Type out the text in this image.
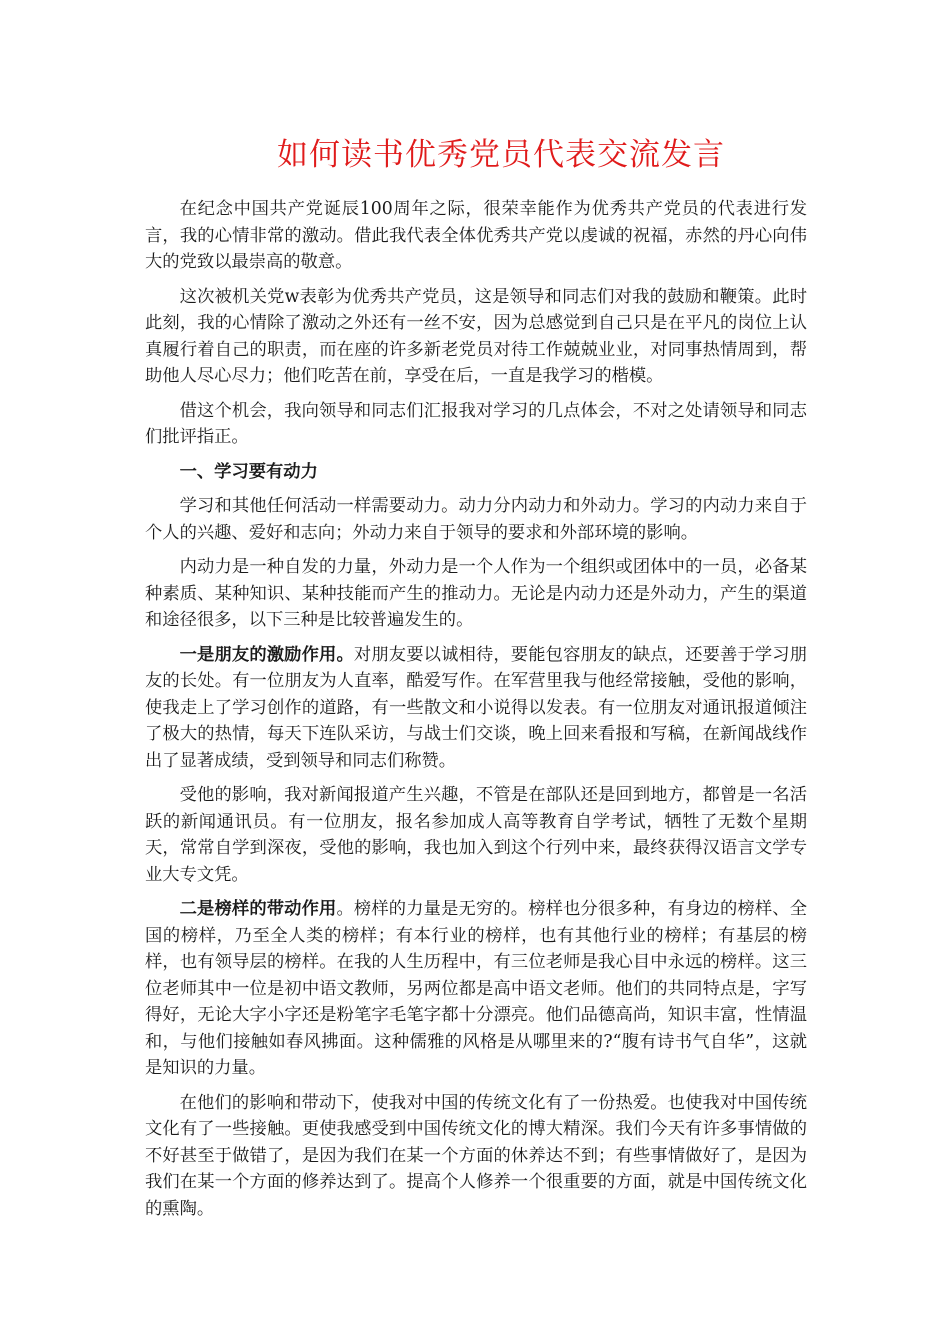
如何读书优秀党员代表交流发言

在纪念中国共产党诞辰100周年之际，很荣幸能作为优秀共产党员的代表进行发言，我的心情非常的激动。借此我代表全体优秀共产党以虔诚的祝福，赤然的丹心向伟大的党致以最崇高的敬意。

这次被机关党w表彰为优秀共产党员，这是领导和同志们对我的鼓励和鞭策。此时此刻，我的心情除了激动之外还有一丝不安，因为总感觉到自己只是在平凡的岗位上认真履行着自己的职责，而在座的许多新老党员对待工作兢兢业业，对同事热情周到，帮助他人尽心尽力；他们吃苦在前，享受在后，一直是我学习的楷模。

借这个机会，我向领导和同志们汇报我对学习的几点体会，不对之处请领导和同志们批评指正。

一、学习要有动力

学习和其他任何活动一样需要动力。动力分内动力和外动力。学习的内动力来自于个人的兴趣、爱好和志向；外动力来自于领导的要求和外部环境的影响。

内动力是一种自发的力量，外动力是一个人作为一个组织或团体中的一员，必备某种素质、某种知识、某种技能而产生的推动力。无论是内动力还是外动力，产生的渠道和途径很多，以下三种是比较普遍发生的。

一是朋友的激励作用。对朋友要以诚相待，要能包容朋友的缺点，还要善于学习朋友的长处。有一位朋友为人直率，酷爱写作。在军营里我与他经常接触，受他的影响，使我走上了学习创作的道路，有一些散文和小说得以发表。有一位朋友对通讯报道倾注了极大的热情，每天下连队采访，与战士们交谈，晚上回来看报和写稿，在新闻战线作出了显著成绩，受到领导和同志们称赞。

受他的影响，我对新闻报道产生兴趣，不管是在部队还是回到地方，都曾是一名活跃的新闻通讯员。有一位朋友，报名参加成人高等教育自学考试，牺牲了无数个星期天，常常自学到深夜，受他的影响，我也加入到这个行列中来，最终获得汉语言文学专业大专文凭。

二是榜样的带动作用。榜样的力量是无穷的。榜样也分很多种，有身边的榜样、全国的榜样，乃至全人类的榜样；有本行业的榜样，也有其他行业的榜样；有基层的榜样，也有领导层的榜样。在我的人生历程中，有三位老师是我心目中永远的榜样。这三位老师其中一位是初中语文教师，另两位都是高中语文老师。他们的共同特点是，字写得好，无论大字小字还是粉笔字毛笔字都十分漂亮。他们品德高尚，知识丰富，性情温和，与他们接触如春风拂面。这种儒雅的风格是从哪里来的?“腹有诗书气自华”，这就是知识的力量。

在他们的影响和带动下，使我对中国的传统文化有了一份热爱。也使我对中国传统文化有了一些接触。更使我感受到中国传统文化的博大精深。我们今天有许多事情做的不好甚至于做错了，是因为我们在某一个方面的休养达不到；有些事情做好了，是因为我们在某一个方面的修养达到了。提高个人修养一个很重要的方面，就是中国传统文化的熏陶。
